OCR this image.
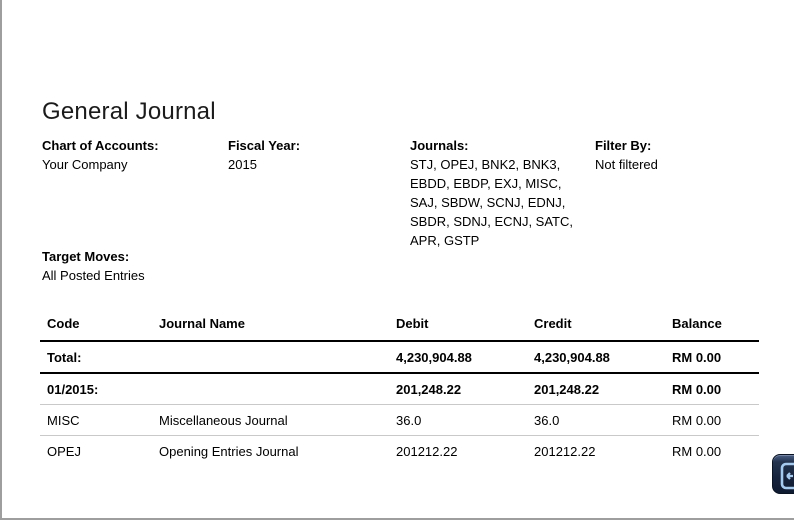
General Journal
Chart of Accounts:
Your Company
Fiscal Year:
2015
Journals:
STJ, OPEJ, BNK2, BNK3,
EBDD, EBDP, EXJ, MISC,
SAJ, SBDW, SCNJ, EDNJ,
SBDR, SDNJ, ECNJ, SATC,
APR, GSTP
Filter By:
Not filtered
Target Moves:
All Posted Entries
Code	Journal Name	Debit	Credit	Balance
Total:		4,230,904.88	4,230,904.88	RM 0.00
01/2015:		201,248.22	201,248.22	RM 0.00
MISC	Miscellaneous Journal	36.0	36.0	RM 0.00
OPEJ	Opening Entries Journal	201212.22	201212.22	RM 0.00
